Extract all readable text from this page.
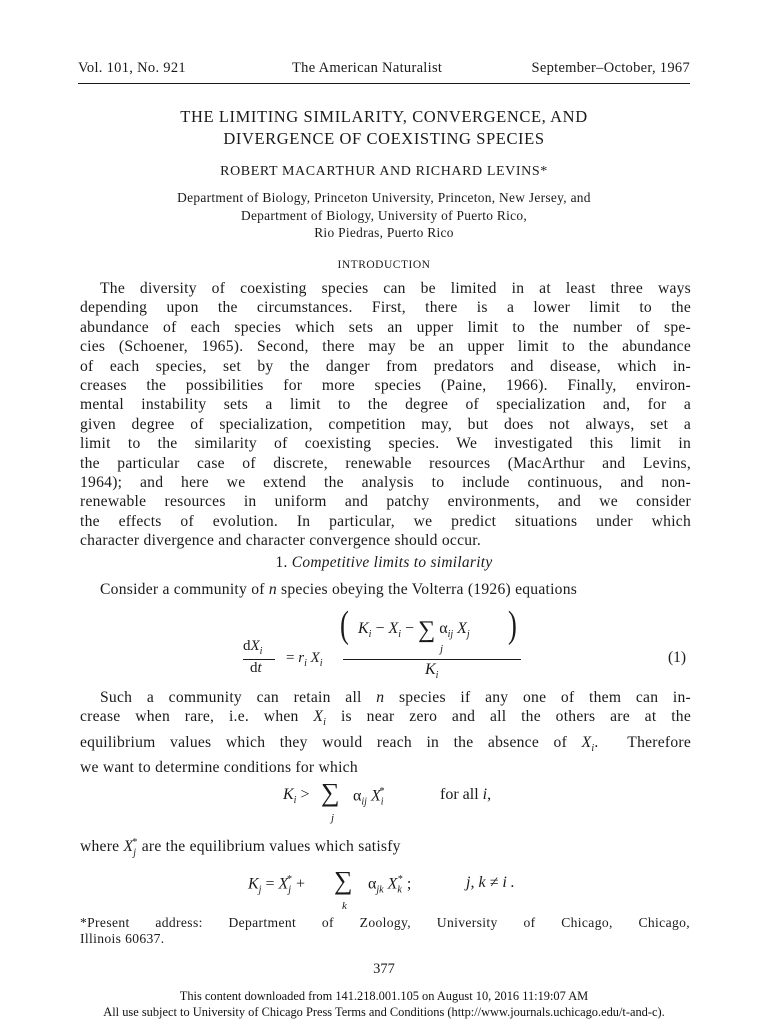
Vol. 101, No. 921	The American Naturalist	September–October, 1967
THE LIMITING SIMILARITY, CONVERGENCE, AND
DIVERGENCE OF COEXISTING SPECIES
ROBERT MACARTHUR AND RICHARD LEVINS*
Department of Biology, Princeton University, Princeton, New Jersey, and
Department of Biology, University of Puerto Rico,
Rio Piedras, Puerto Rico
INTRODUCTION
The diversity of coexisting species can be limited in at least three ways
depending upon the circumstances. First, there is a lower limit to the
abundance of each species which sets an upper limit to the number of spe-
cies (Schoener, 1965). Second, there may be an upper limit to the abundance
of each species, set by the danger from predators and disease, which in-
creases the possibilities for more species (Paine, 1966). Finally, environ-
mental instability sets a limit to the degree of specialization and, for a
given degree of specialization, competition may, but does not always, set a
limit to the similarity of coexisting species. We investigated this limit in
the particular case of discrete, renewable resources (MacArthur and Levins,
1964); and here we extend the analysis to include continuous, and non-
renewable resources in uniform and patchy environments, and we consider
the effects of evolution. In particular, we predict situations under which
character divergence and character convergence should occur.
1. Competitive limits to similarity
Consider a community of n species obeying the Volterra (1926) equations
$dX_i$
dt
= $r_i$ $X_i$
( $K_i - X_i$ − ∑ $\alpha_{ij}$ $X_j$
j
)
$K_i$
(1)
Such a community can retain all n species if any one of them can in-
crease when rare, i.e. when $X_i$ is near zero and all the others are at the
equilibrium values which they would reach in the absence of $X_i$.  Therefore
we want to determine conditions for which
$K_i$ > ∑
j
$\alpha_{ij}$ $X_i^*$	for all i,
where $X_j^*$ are the equilibrium values which satisfy
$K_j = X_j^*$ + ∑
k
$\alpha_{jk}$ $X_k^*$ ;	j, k ≠ i .
*Present address: Department of Zoology, University of Chicago, Chicago,
Illinois 60637.
377
This content downloaded from 141.218.001.105 on August 10, 2016 11:19:07 AM
All use subject to University of Chicago Press Terms and Conditions (http://www.journals.uchicago.edu/t-and-c).
